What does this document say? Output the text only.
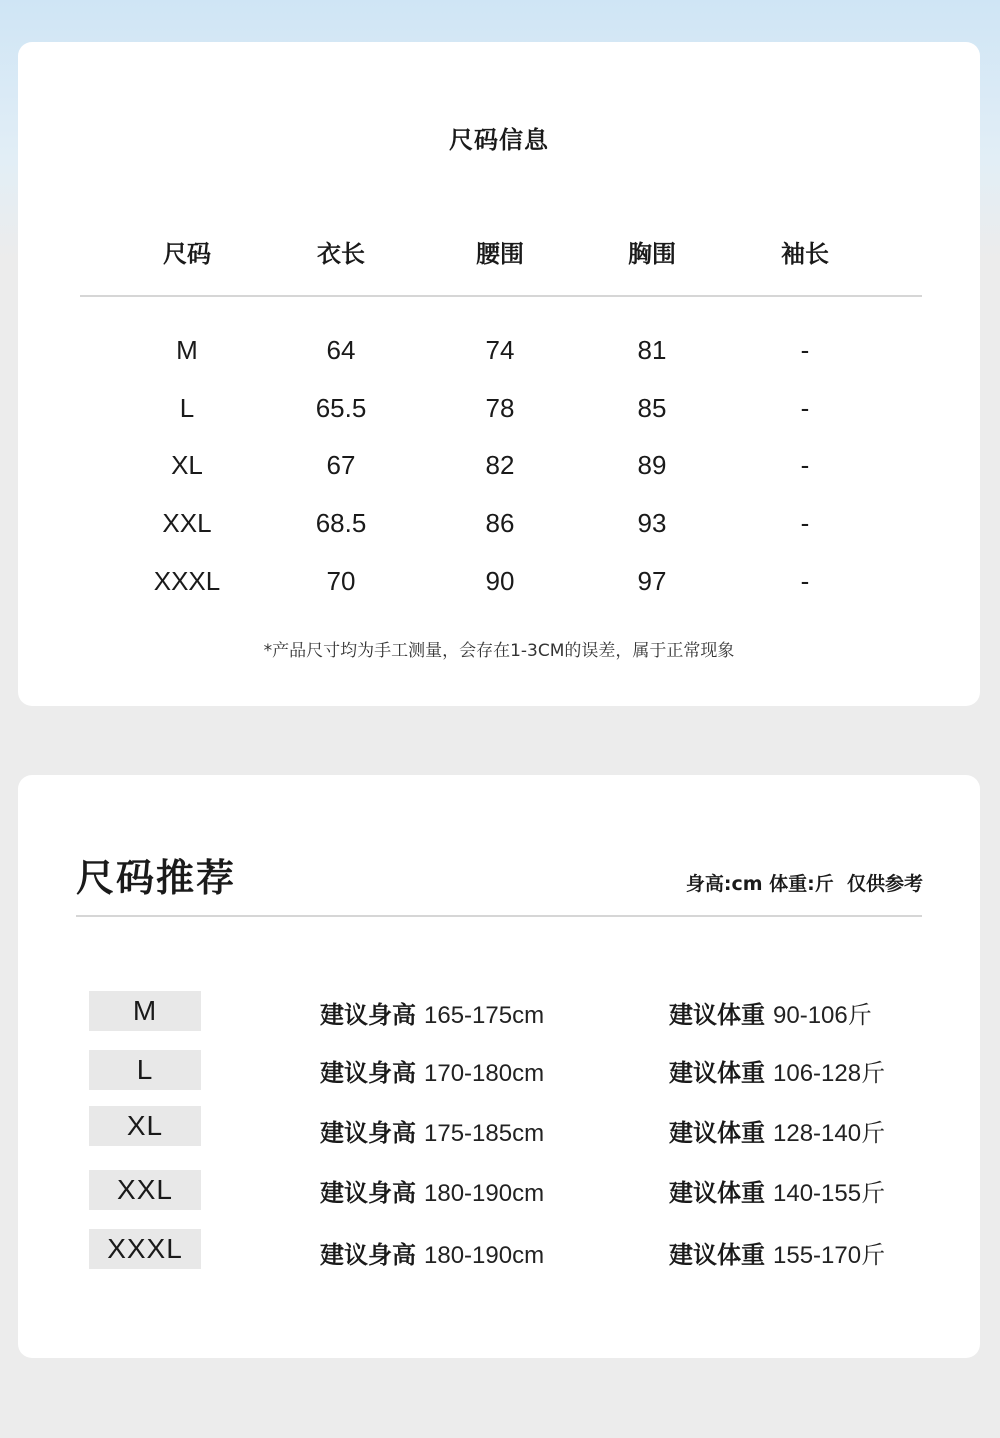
尺码信息
尺码	衣长	腰围	胸围	袖长
M	64	74	81	-
L	65.5	78	85	-
XL	67	82	89	-
XXL	68.5	86	93	-
XXXL	70	90	97	-
*产品尺寸均为手工测量，会存在1-3CM的误差，属于正常现象
尺码推荐	身高:cm 体重:斤  仅供参考
M	建议身高 165-175cm	建议体重 90-106斤
L	建议身高 170-180cm	建议体重 106-128斤
XL	建议身高 175-185cm	建议体重 128-140斤
XXL	建议身高 180-190cm	建议体重 140-155斤
XXXL	建议身高 180-190cm	建议体重 155-170斤
